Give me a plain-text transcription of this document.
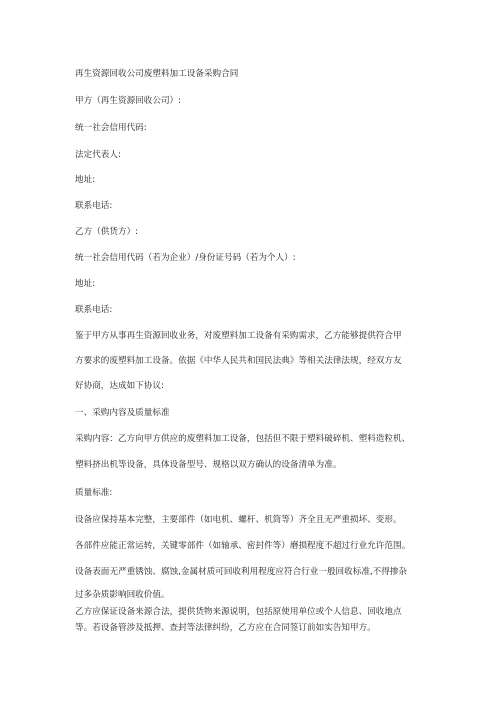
再生资源回收公司废塑料加工设备采购合同
甲方（再生资源回收公司）:
统一社会信用代码:
法定代表人:
地址:
联系电话:
乙方（供货方）:
统一社会信用代码（若为企业）/身份证号码（若为个人）:
地址:
联系电话:
鉴于甲方从事再生资源回收业务，对废塑料加工设备有采购需求，乙方能够提供符合甲
方要求的废塑料加工设备。依据《中华人民共和国民法典》等相关法律法规，经双方友
好协商，达成如下协议:
一、采购内容及质量标准
采购内容：乙方向甲方供应的废塑料加工设备，包括但不限于塑料破碎机、塑料造粒机、
塑料挤出机等设备，具体设备型号、规格以双方确认的设备清单为准。
质量标准:
设备应保持基本完整，主要部件（如电机、螺杆、机筒等）齐全且无严重损坏、变形。
各部件应能正常运转，关键零部件（如轴承、密封件等）磨损程度不超过行业允许范围。
设备表面无严重锈蚀、腐蚀,金属材质可回收利用程度应符合行业一般回收标准,不得掺杂
过多杂质影响回收价值。
乙方应保证设备来源合法，提供货物来源说明，包括原使用单位或个人信息、回收地点
等。若设备管涉及抵押、查封等法律纠纷，乙方应在合同签订前如实告知甲方。
